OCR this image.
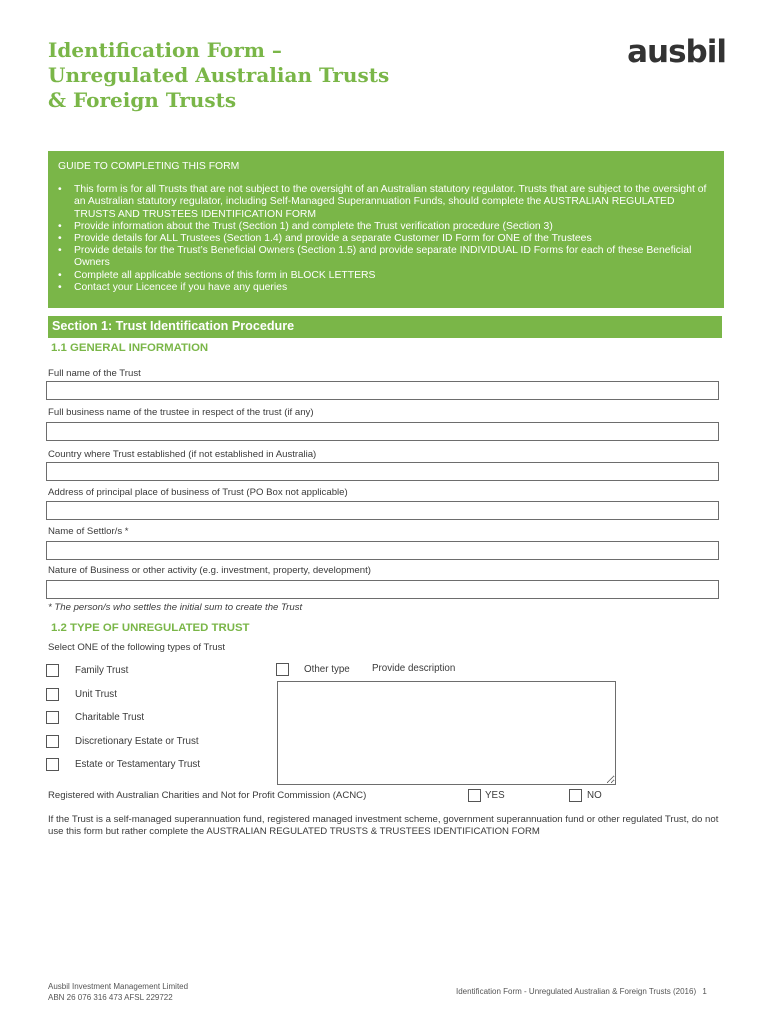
Identification Form –
Unregulated Australian Trusts
& Foreign Trusts
ausbil
GUIDE TO COMPLETING THIS FORM
• This form is for all Trusts that are not subject to the oversight of an Australian statutory regulator. Trusts that are subject to the oversight of an Australian statutory regulator, including Self-Managed Superannuation Funds, should complete the AUSTRALIAN REGULATED TRUSTS AND TRUSTEES IDENTIFICATION FORM
• Provide information about the Trust (Section 1) and complete the Trust verification procedure (Section 3)
• Provide details for ALL Trustees (Section 1.4) and provide a separate Customer ID Form for ONE of the Trustees
• Provide details for the Trust’s Beneficial Owners (Section 1.5) and provide separate INDIVIDUAL ID Forms for each of these Beneficial Owners
• Complete all applicable sections of this form in BLOCK LETTERS
• Contact your Licencee if you have any queries
Section 1: Trust Identification Procedure
1.1 GENERAL INFORMATION
Full name of the Trust
Full business name of the trustee in respect of the trust (if any)
Country where Trust established (if not established in Australia)
Address of principal place of business of Trust (PO Box not applicable)
Name of Settlor/s *
Nature of Business or other activity (e.g. investment, property, development)
* The person/s who settles the initial sum to create the Trust
1.2 TYPE OF UNREGULATED TRUST
Select ONE of the following types of Trust
Family Trust
Unit Trust
Charitable Trust
Discretionary Estate or Trust
Estate or Testamentary Trust
Other type Provide description
Registered with Australian Charities and Not for Profit Commission (ACNC)	YES	NO
If the Trust is a self-managed superannuation fund, registered managed investment scheme, government superannuation fund or other regulated Trust, do not use this form but rather complete the AUSTRALIAN REGULATED TRUSTS & TRUSTEES IDENTIFICATION FORM
Ausbil Investment Management Limited
ABN 26 076 316 473 AFSL 229722
Identification Form - Unregulated Australian & Foreign Trusts (2016) 1
